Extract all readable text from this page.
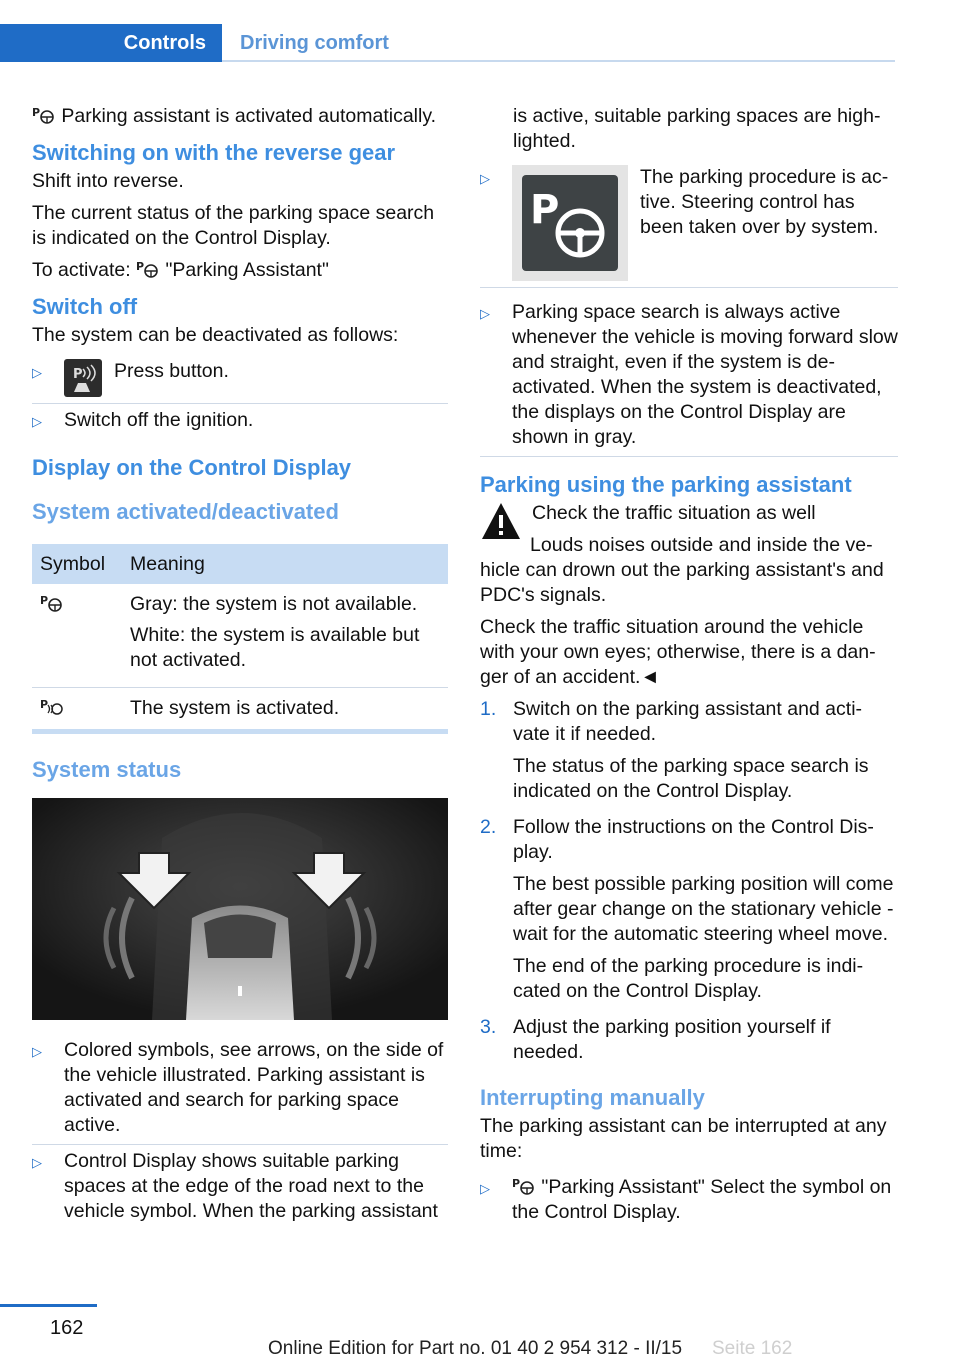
Controls Driving comfort

P Parking assistant is activated automatically.

Switching on with the reverse gear

Shift into reverse.

The current status of the parking space search is indicated on the Control Display.

To activate: P "Parking Assistant"

Switch off

The system can be deactivated as follows:

▷	P Press button.
▷	Switch off the ignition.
Display on the Control Display
System activated/deactivated
Symbol	Meaning

P	Gray: the system is not available.

White: the system is available but not activated.

P	The system is activated.
System status
▷	Colored symbols, see arrows, on the side of the vehicle illustrated. Parking assistant is activated and search for parking space active.
▷	Control Display shows suitable parking spaces at the edge of the road next to the vehicle symbol. When the parking assistant

is active, suitable parking spaces are high-lighted.

▷
P
The parking procedure is ac-tive. Steering control has been taken over by system.
▷	Parking space search is always active whenever the vehicle is moving forward slow and straight, even if the system is de-activated. When the system is deactivated, the displays on the Control Display are shown in gray.
Parking using the parking assistant

Check the traffic situation as well

Louds noises outside and inside the ve-hicle can drown out the parking assistant's and PDC's signals.

Check the traffic situation around the vehicle with your own eyes; otherwise, there is a dan-ger of an accident.◄

1. Switch on the parking assistant and acti-vate it if needed.

The status of the parking space search is indicated on the Control Display.

2. Follow the instructions on the Control Dis-play.

The best possible parking position will come after gear change on the stationary vehicle - wait for the automatic steering wheel move.

The end of the parking procedure is indi-cated on the Control Display.

3. Adjust the parking position yourself if needed.

Interrupting manually

The parking assistant can be interrupted at any time:

▷	P "Parking Assistant" Select the symbol on the Control Display.
162
Online Edition for Part no. 01 40 2 954 312 - II/15 Seite 162
